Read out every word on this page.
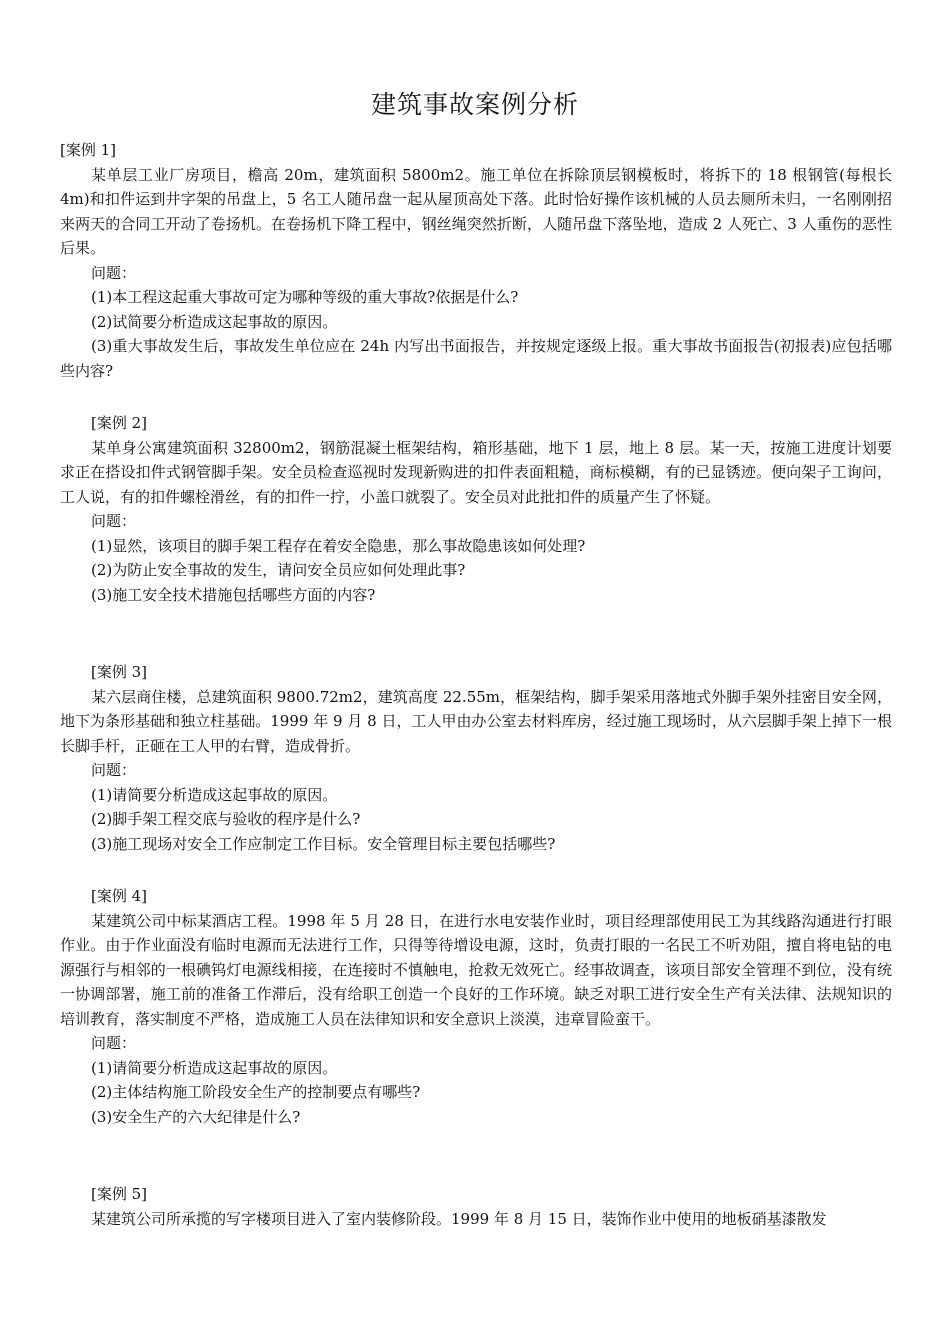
建筑事故案例分析

[案例 1]

某单层工业厂房项目，檐高 20m，建筑面积 5800m2。施工单位在拆除顶层钢模板时，将拆下的 18 根钢管(每根长 4m)和扣件运到井字架的吊盘上，5 名工人随吊盘一起从屋顶高处下落。此时恰好操作该机械的人员去厕所未归，一名刚刚招来两天的合同工开动了卷扬机。在卷扬机下降工程中，钢丝绳突然折断，人随吊盘下落坠地，造成 2 人死亡、3 人重伤的恶性后果。

问题：

(1)本工程这起重大事故可定为哪种等级的重大事故?依据是什么?

(2)试简要分析造成这起事故的原因。

(3)重大事故发生后，事故发生单位应在 24h 内写出书面报告，并按规定逐级上报。重大事故书面报告(初报表)应包括哪些内容?

[案例 2]

某单身公寓建筑面积 32800m2，钢筋混凝土框架结构，箱形基础，地下 1 层，地上 8 层。某一天，按施工进度计划要求正在搭设扣件式钢管脚手架。安全员检查巡视时发现新购进的扣件表面粗糙，商标模糊，有的已显锈迹。便向架子工询问，工人说，有的扣件螺栓滑丝，有的扣件一拧，小盖口就裂了。安全员对此批扣件的质量产生了怀疑。

问题：

(1)显然，该项目的脚手架工程存在着安全隐患，那么事故隐患该如何处理?

(2)为防止安全事故的发生，请问安全员应如何处理此事?

(3)施工安全技术措施包括哪些方面的内容?

[案例 3]

某六层商住楼，总建筑面积 9800.72m2，建筑高度 22.55m，框架结构，脚手架采用落地式外脚手架外挂密目安全网，地下为条形基础和独立柱基础。1999 年 9 月 8 日，工人甲由办公室去材料库房，经过施工现场时，从六层脚手架上掉下一根长脚手杆，正砸在工人甲的右臂，造成骨折。

问题：

(1)请简要分析造成这起事故的原因。

(2)脚手架工程交底与验收的程序是什么?

(3)施工现场对安全工作应制定工作目标。安全管理目标主要包括哪些?

[案例 4]

某建筑公司中标某酒店工程。1998 年 5 月 28 日，在进行水电安装作业时，项目经理部使用民工为其线路沟通进行打眼作业。由于作业面没有临时电源而无法进行工作，只得等待增设电源，这时，负责打眼的一名民工不听劝阻，擅自将电钻的电源强行与相邻的一根碘钨灯电源线相接，在连接时不慎触电，抢救无效死亡。经事故调查，该项目部安全管理不到位，没有统一协调部署，施工前的准备工作滞后，没有给职工创造一个良好的工作环境。缺乏对职工进行安全生产有关法律、法规知识的培训教育，落实制度不严格，造成施工人员在法律知识和安全意识上淡漠，违章冒险蛮干。

问题：

(1)请简要分析造成这起事故的原因。

(2)主体结构施工阶段安全生产的控制要点有哪些?

(3)安全生产的六大纪律是什么?

[案例 5]

某建筑公司所承揽的写字楼项目进入了室内装修阶段。1999 年 8 月 15 日，装饰作业中使用的地板硝基漆散发
